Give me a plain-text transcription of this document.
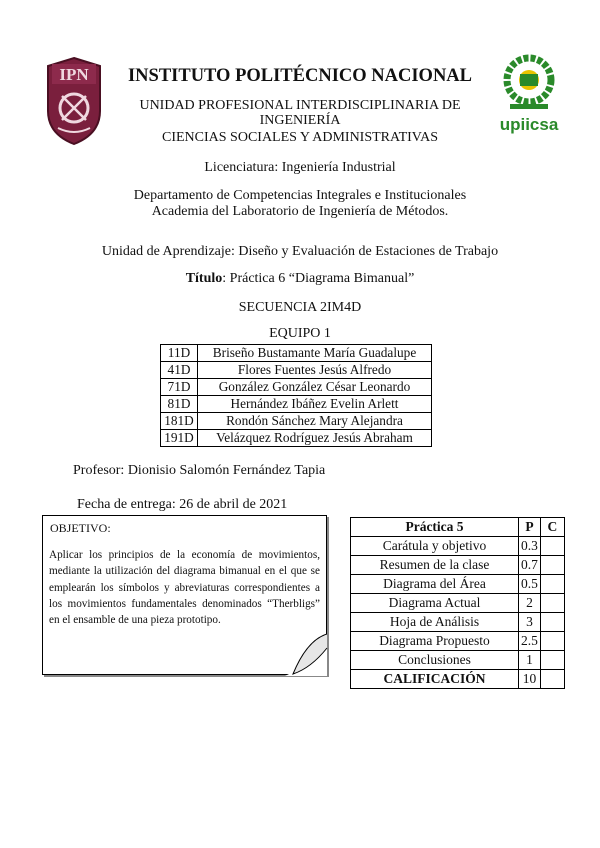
IPN
upiicsa
INSTITUTO POLITÉCNICO NACIONAL
UNIDAD PROFESIONAL INTERDISCIPLINARIA DE INGENIERÍA
CIENCIAS SOCIALES Y ADMINISTRATIVAS
Licenciatura: Ingeniería Industrial
Departamento de Competencias Integrales e Institucionales
Academia del Laboratorio de Ingeniería de Métodos.
Unidad de Aprendizaje: Diseño y Evaluación de Estaciones de Trabajo
Título: Práctica 6 “Diagrama Bimanual”
SECUENCIA 2IM4D
EQUIPO 1
11D	Briseño Bustamante María Guadalupe
41D	Flores Fuentes Jesús Alfredo
71D	González González César Leonardo
81D	Hernández Ibáñez Evelin Arlett
181D	Rondón Sánchez Mary Alejandra
191D	Velázquez Rodríguez Jesús Abraham
Profesor: Dionisio Salomón Fernández Tapia
Fecha de entrega: 26 de abril de 2021
OBJETIVO:
Aplicar los principios de la economía de movimientos, mediante la utilización del diagrama bimanual en el que se emplearán los símbolos y abreviaturas correspondientes a los movimientos fundamentales denominados “Therbligs” en el ensamble de una pieza prototipo.
Práctica 5	P	C
Carátula y objetivo	0.3	
Resumen de la clase	0.7	
Diagrama del Área	0.5	
Diagrama Actual	2	
Hoja de Análisis	3	
Diagrama Propuesto	2.5	
Conclusiones	1	
CALIFICACIÓN	10	
